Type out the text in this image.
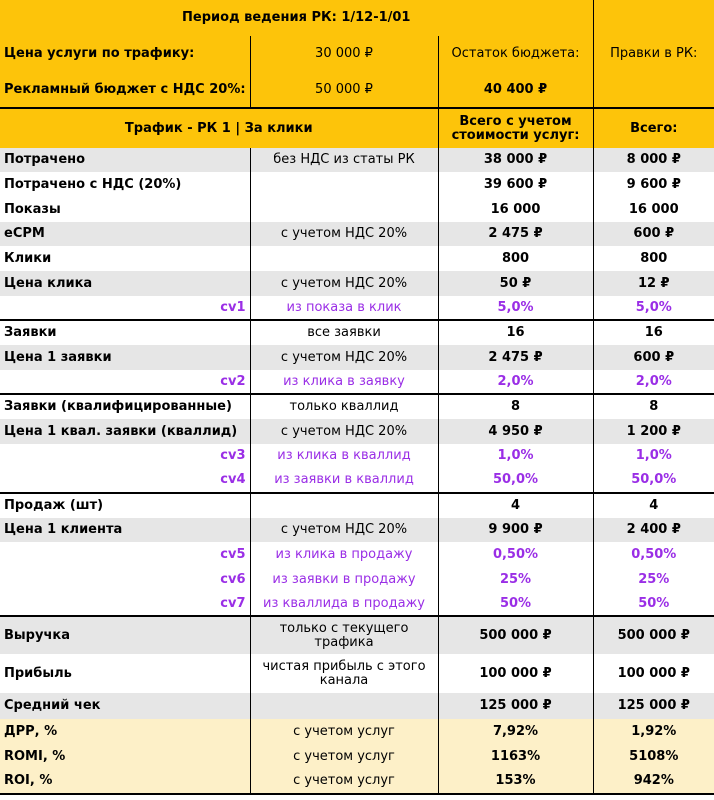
Период ведения РК: 1/12-1/01			Правки в РК:
Цена услуги по трафику:	30 000 ₽	Остаток бюджета:	
Рекламный бюджет с НДС 20%:	50 000 ₽	40 400 ₽	
Трафик - РК 1 | За клики		Всего с учетом стоимости услуг:	Всего:
Потрачено	без НДС из статы РК	38 000 ₽	8 000 ₽
Потрачено с НДС (20%)		39 600 ₽	9 600 ₽
Показы		16 000	16 000
eCPM	с учетом НДС 20%	2 475 ₽	600 ₽
Клики		800	800
Цена клика	с учетом НДС 20%	50 ₽	12 ₽
cv1	из показа в клик	5,0%	5,0%
Заявки	все заявки	16	16
Цена 1 заявки	с учетом НДС 20%	2 475 ₽	600 ₽
cv2	из клика в заявку	2,0%	2,0%
Заявки (квалифицированные)	только кваллид	8	8
Цена 1 квал. заявки (кваллид)	с учетом НДС 20%	4 950 ₽	1 200 ₽
cv3	из клика в кваллид	1,0%	1,0%
cv4	из заявки в кваллид	50,0%	50,0%
Продаж (шт)		4	4
Цена 1 клиента	с учетом НДС 20%	9 900 ₽	2 400 ₽
cv5	из клика в продажу	0,50%	0,50%
cv6	из заявки в продажу	25%	25%
cv7	из кваллида в продажу	50%	50%
Выручка	только с текущего трафика	500 000 ₽	500 000 ₽
Прибыль	чистая прибыль с этого канала	100 000 ₽	100 000 ₽
Средний чек		125 000 ₽	125 000 ₽
ДРР, %	с учетом услуг	7,92%	1,92%
ROMI, %	с учетом услуг	1163%	5108%
ROI, %	с учетом услуг	153%	942%
